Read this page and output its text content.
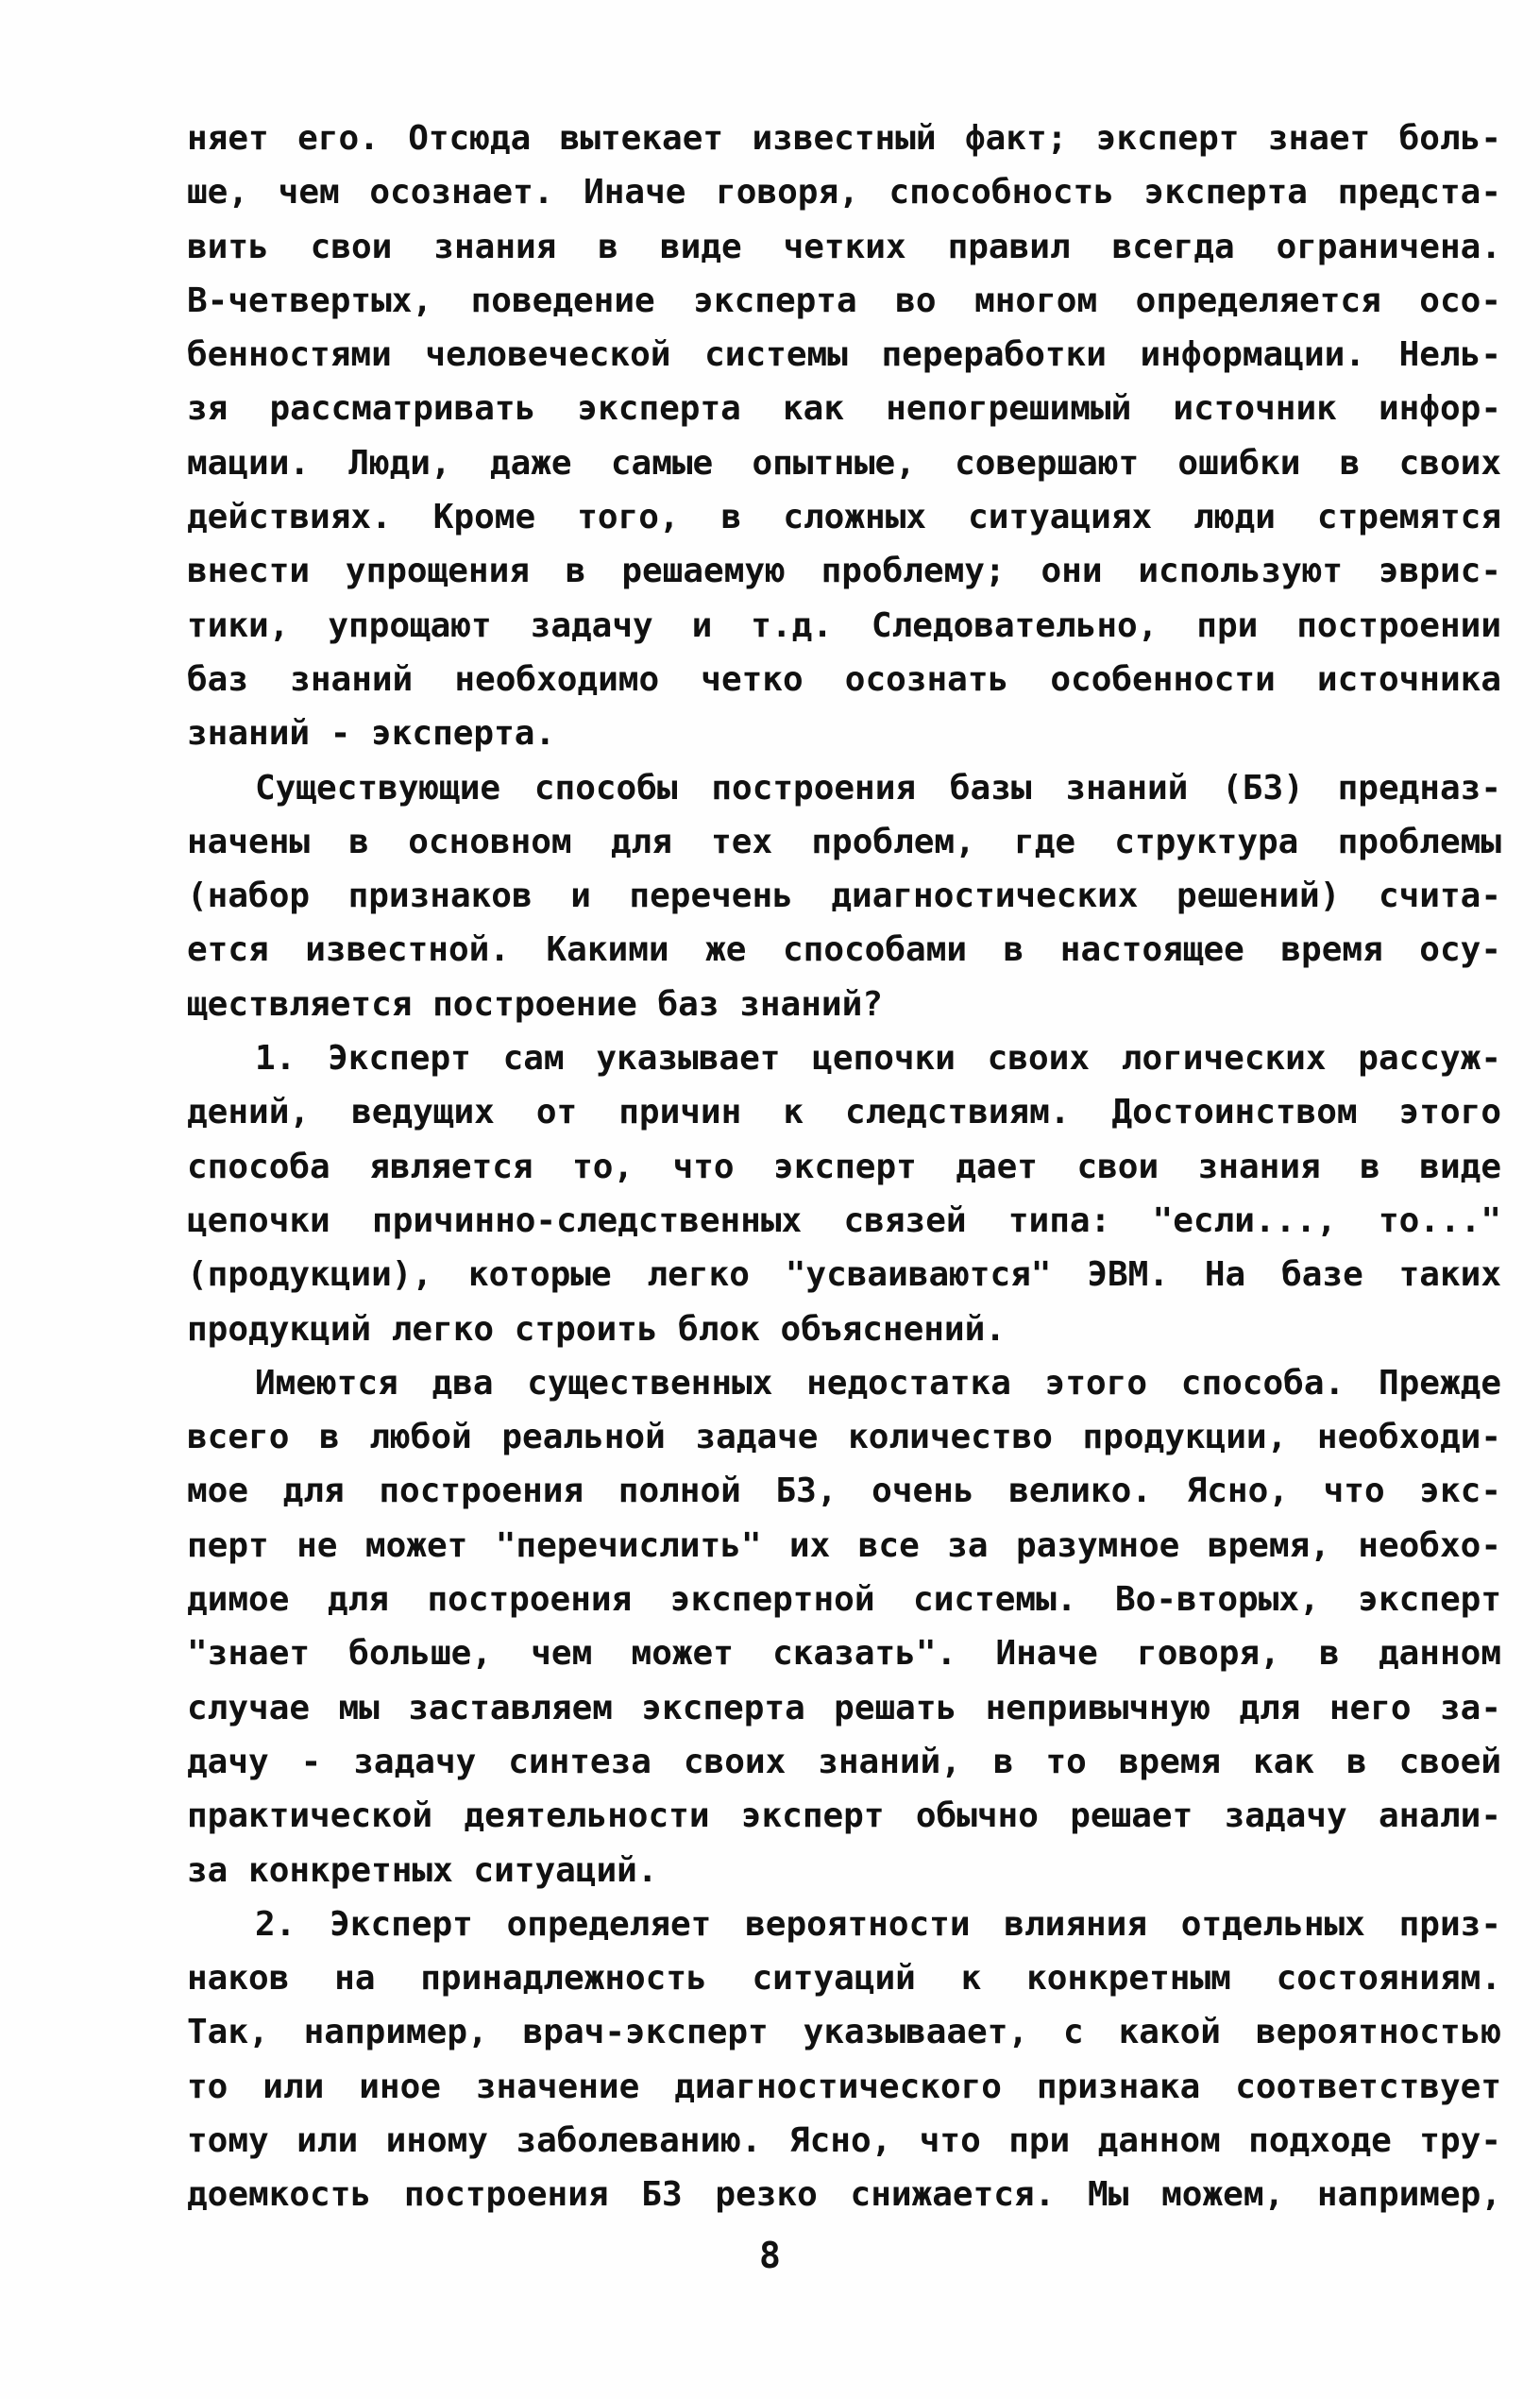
няет его. Отсюда вытекает известный факт; эксперт знает боль-
ше, чем осознает. Иначе говоря, способность эксперта предста-
вить свои знания в виде четких правил всегда ограничена.
В-четвертых, поведение эксперта во многом определяется осо-
бенностями человеческой системы переработки информации. Нель-
зя рассматривать эксперта как непогрешимый источник инфор-
мации. Люди, даже самые опытные, совершают ошибки в своих
действиях. Кроме того, в сложных ситуациях люди стремятся
внести упрощения в решаемую проблему; они используют эврис-
тики, упрощают задачу и т.д. Следовательно, при построении
баз знаний необходимо четко осознать особенности источника
знаний - эксперта.
Существующие способы построения базы знаний (БЗ) предназ-
начены в основном для тех проблем, где структура проблемы
(набор признаков и перечень диагностических решений) счита-
ется известной. Какими же способами в настоящее время осу-
ществляется построение баз знаний?
1. Эксперт сам указывает цепочки своих логических рассуж-
дений, ведущих от причин к следствиям. Достоинством этого
способа является то, что эксперт дает свои знания в виде
цепочки причинно-следственных связей типа: "если..., то..."
(продукции), которые легко "усваиваются" ЭВМ. На базе таких
продукций легко строить блок объяснений.
Имеются два существенных недостатка этого способа. Прежде
всего в любой реальной задаче количество продукции, необходи-
мое для построения полной БЗ, очень велико. Ясно, что экс-
перт не может "перечислить" их все за разумное время, необхо-
димое для построения экспертной системы. Во-вторых, эксперт
"знает больше, чем может сказать". Иначе говоря, в данном
случае мы заставляем эксперта решать непривычную для него за-
дачу - задачу синтеза своих знаний, в то время как в своей
практической деятельности эксперт обычно решает задачу анали-
за конкретных ситуаций.
2. Эксперт определяет вероятности влияния отдельных приз-
наков на принадлежность ситуаций к конкретным состояниям.
Так, например, врач-эксперт указываает, с какой вероятностью
то или иное значение диагностического признака соответствует
тому или иному заболеванию. Ясно, что при данном подходе тру-
доемкость построения БЗ резко снижается. Мы можем, например,
8
